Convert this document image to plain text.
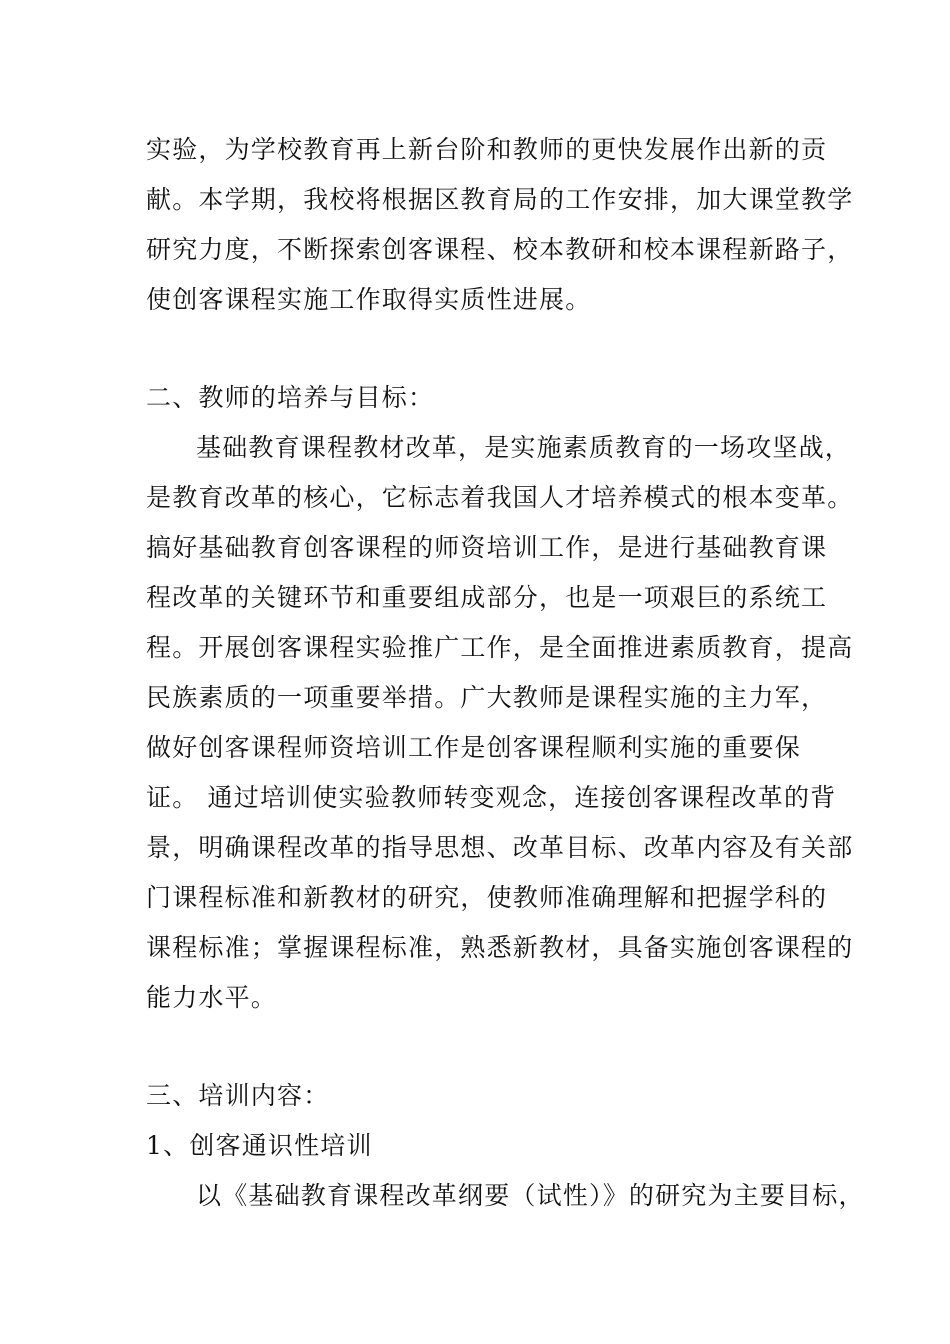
实验，为学校教育再上新台阶和教师的更快发展作出新的贡
献。本学期，我校将根据区教育局的工作安排，加大课堂教学
研究力度，不断探索创客课程、校本教研和校本课程新路子，
使创客课程实施工作取得实质性进展。
二、教师的培养与目标：
基础教育课程教材改革，是实施素质教育的一场攻坚战，
是教育改革的核心，它标志着我国人才培养模式的根本变革。
搞好基础教育创客课程的师资培训工作，是进行基础教育课
程改革的关键环节和重要组成部分，也是一项艰巨的系统工
程。开展创客课程实验推广工作，是全面推进素质教育，提高
民族素质的一项重要举措。广大教师是课程实施的主力军，
做好创客课程师资培训工作是创客课程顺利实施的重要保
证。 通过培训使实验教师转变观念，连接创客课程改革的背
景，明确课程改革的指导思想、改革目标、改革内容及有关部
门课程标准和新教材的研究，使教师准确理解和把握学科的
课程标准；掌握课程标准，熟悉新教材，具备实施创客课程的
能力水平。
三、培训内容：
1、创客通识性培训
以《基础教育课程改革纲要（试性）》的研究为主要目标，
